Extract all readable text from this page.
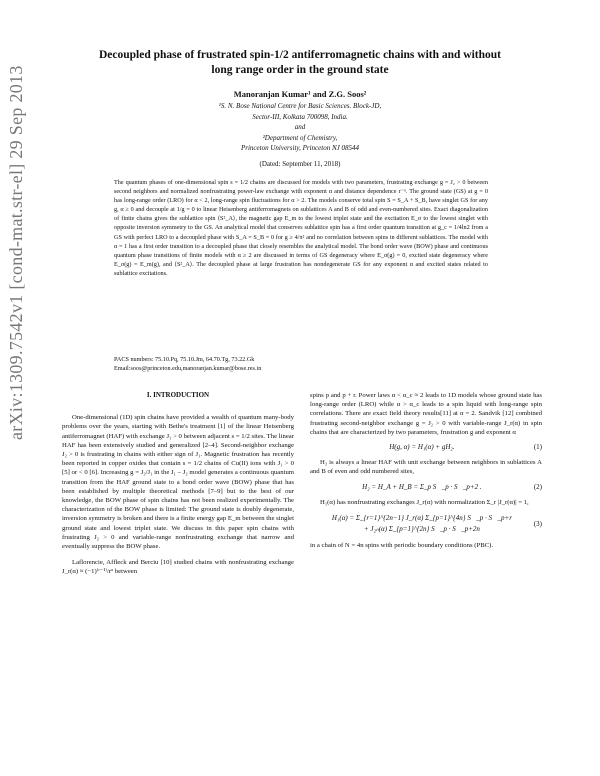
arXiv:1309.7542v1 [cond-mat.str-el] 29 Sep 2013
Decoupled phase of frustrated spin-1/2 antiferromagnetic chains with and without
long range order in the ground state
Manoranjan Kumar¹ and Z.G. Soos²
¹S. N. Bose National Centre for Basic Sciences. Block-JD,
Sector-III, Kolkata 700098, India.
and
²Department of Chemistry,
Princeton University, Princeton NJ 08544
(Dated: September 11, 2018)

The quantum phases of one-dimensional spin s = 1/2 chains are discussed for models with two parameters, frustrating exchange g = J₂ > 0 between second neighbors and normalized nonfrustrating power-law exchange with exponent α and distance dependence r⁻ᵅ. The ground state (GS) at g = 0 has long-range order (LRO) for α < 2, long-range spin fluctuations for α > 2. The models conserve total spin S = S_A + S_B, have singlet GS for any g, α ≥ 0 and decouple at 1/g = 0 to linear Heisenberg antiferromagnets on sublattices A and B of odd and even-numbered sites. Exact diagonalization of finite chains gives the sublattice spin ⟨S²_A⟩, the magnetic gap E_m to the lowest triplet state and the excitation E_σ to the lowest singlet with opposite inversion symmetry to the GS. An analytical model that conserves sublattice spin has a first order quantum transition at g_c = 1/4ln2 from a GS with perfect LRO to a decoupled phase with S_A = S_B = 0 for g ≥ 4/π² and no correlation between spins in different sublattices. The model with α = 1 has a first order transition to a decoupled phase that closely resembles the analytical model. The bond order wave (BOW) phase and continuous quantum phase transitions of finite models with α ≥ 2 are discussed in terms of GS degeneracy where E_σ(g) = 0, excited state degeneracy where E_σ(g) = E_m(g), and ⟨S²_A⟩. The decoupled phase at large frustration has nondegenerate GS for any exponent α and excited states related to sublattice excitations.

PACS numbers: 75.10.Pq, 75.10.Jm, 64.70.Tg, 73.22.Gk
Email:soos@princeton.edu,manoranjan.kumar@bose.res.in
I. INTRODUCTION

One-dimensional (1D) spin chains have provided a wealth of quantum many-body problems over the years, starting with Bethe's treatment [1] of the linear Heisenberg antiferromagnet (HAF) with exchange J₁ > 0 between adjacent s = 1/2 sites. The linear HAF has been extensively studied and generalized [2–4]. Second-neighbor exchange J₂ > 0 is frustrating in chains with either sign of J₁. Magnetic frustration has recently been reported in copper oxides that contain s = 1/2 chains of Cu(II) ions with J₁ > 0 [5] or < 0 [6]. Increasing g = J₂/J₁ in the J₁ – J₂ model generates a continuous quantum transition from the HAF ground state to a bond order wave (BOW) phase that has been established by multiple theoretical methods [7–9] but to the best of our knowledge, the BOW phase of spin chains has not been realized experimentally. The characterization of the BOW phase is limited: The ground state is doubly degenerate, inversion symmetry is broken and there is a finite energy gap E_m between the singlet ground state and lowest triplet state. We discuss in this paper spin chains with frustrating J₂ > 0 and variable-range nonfrustrating exchange that narrow and eventually suppress the BOW phase.

Laflorencie, Affleck and Berciu [10] studied chains with nonfrustrating exchange J_r(α) ≈ (−1)⁽ʳ⁻¹⁾/rᵅ between

spins p and p + r. Power laws α < α_c ≈ 2 leads to 1D models whose ground state has long-range order (LRO) while α > α_c leads to a spin liquid with long-range spin correlations. There are exact field theory results[11] at α = 2. Sandvik [12] combined frustrating second-neighbor exchange g = J₂ > 0 with variable-range J_r(α) in spin chains that are characterized by two parameters, frustration g and exponent α

H(g, α) = H₁(α) + gH₂.	(1)

H₂ is always a linear HAF with unit exchange between neighbors in sublattices A and B of even and odd numbered sites,

H₂ = H_A + H_B = Σ_p S⃗_p · S⃗_p+2 .	(2)

H₁(α) has nonfrustrating exchanges J_r(α) with normalization Σ_r |J_r(α)| = 1,

H₁(α) = Σ_{r=1}^{2n−1} J_r(α) Σ_{p=1}^{4n} S⃗_p · S⃗_p+r
+ J₂ₙ(α) Σ_{p=1}^{2n} S⃗_p · S⃗_p+2n
(3)

in a chain of N = 4n spins with periodic boundary conditions (PBC).
